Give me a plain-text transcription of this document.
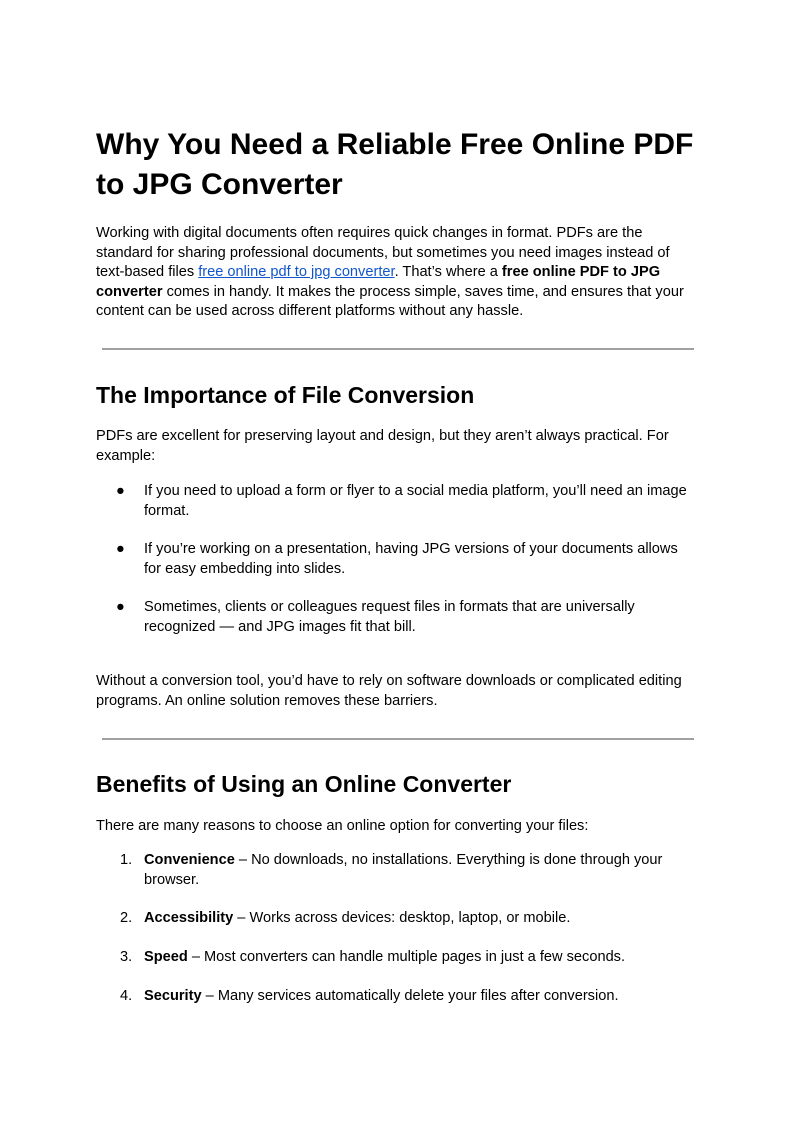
Why You Need a Reliable Free Online PDF to JPG Converter

Working with digital documents often requires quick changes in format. PDFs are the standard for sharing professional documents, but sometimes you need images instead of text-based files free online pdf to jpg converter. That’s where a free online PDF to JPG converter comes in handy. It makes the process simple, saves time, and ensures that your content can be used across different platforms without any hassle.

The Importance of File Conversion

PDFs are excellent for preserving layout and design, but they aren’t always practical. For example:

●	If you need to upload a form or flyer to a social media platform, you’ll need an image format.
●	If you’re working on a presentation, having JPG versions of your documents allows for easy embedding into slides.
●	Sometimes, clients or colleagues request files in formats that are universally recognized — and JPG images fit that bill.

Without a conversion tool, you’d have to rely on software downloads or complicated editing programs. An online solution removes these barriers.

Benefits of Using an Online Converter

There are many reasons to choose an online option for converting your files:

1. Convenience – No downloads, no installations. Everything is done through your browser.
2. Accessibility – Works across devices: desktop, laptop, or mobile.
3. Speed – Most converters can handle multiple pages in just a few seconds.
4. Security – Many services automatically delete your files after conversion.
